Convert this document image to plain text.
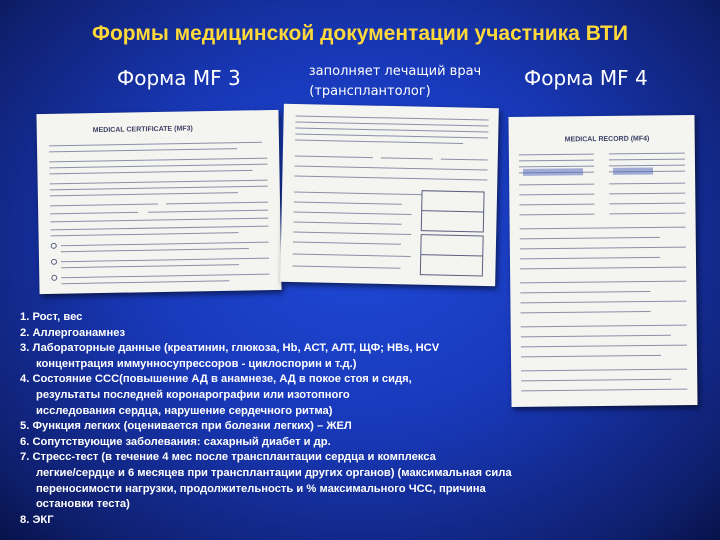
Формы медицинской документации участника ВТИ
Форма MF 3	Форма MF 4
заполняет лечащий врач
(трансплантолог)
MEDICAL CERTIFICATE (MF3)
MEDICAL RECORD (MF4)
1. Рост, вес
2. Аллергоанамнез
3. Лабораторные данные (креатинин, глюкоза, Hb, АСТ, АЛТ, ЩФ; HBs, HCV
концентрация иммунносупрессоров - циклоспорин и т.д.)
4. Состояние ССС(повышение АД в анамнезе, АД в покое стоя и сидя,
результаты последней коронарографии или изотопного
исследования сердца, нарушение сердечного ритма)
5. Функция легких (оценивается при болезни легких) – ЖЕЛ
6. Сопутствующие заболевания: сахарный диабет и др.
7. Стресс-тест (в течение 4 мес после трансплантации сердца и комплекса
легкие/сердце и 6 месяцев при трансплантации других органов) (максимальная сила
переносимости нагрузки, продолжительность и % максимального ЧСС, причина
остановки теста)
8. ЭКГ
